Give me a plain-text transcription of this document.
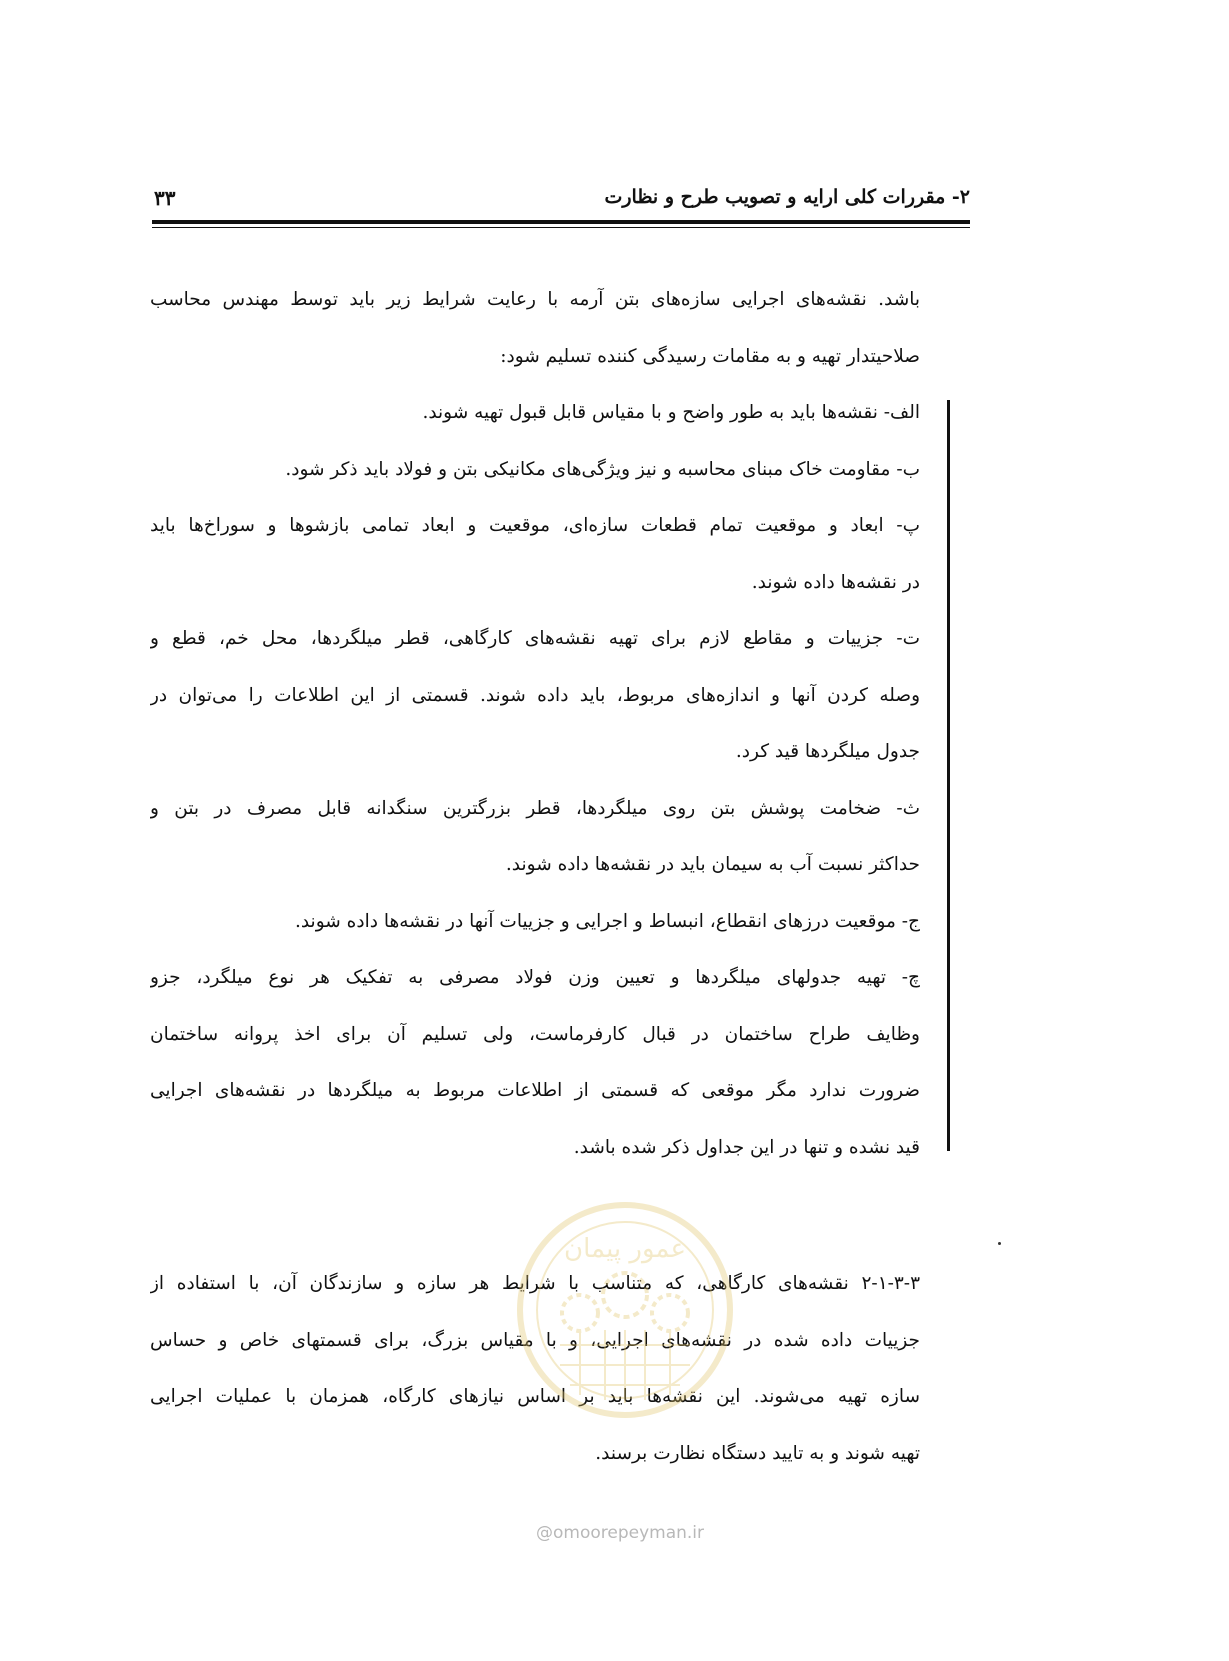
۲- مقررات کلی ارایه و تصویب طرح و نظارت
۳۳
باشد. نقشه‌های اجرایی سازه‌های بتن آرمه با رعایت شرایط زیر باید توسط مهندس محاسب
صلاحیتدار تهیه و به مقامات رسیدگی کننده تسلیم شود:
الف- نقشه‌ها باید به طور واضح و با مقیاس قابل قبول تهیه شوند.
ب- مقاومت خاک مبنای محاسبه و نیز ویژگی‌های مکانیکی بتن و فولاد باید ذکر شود.
پ- ابعاد و موقعیت تمام قطعات سازه‌ای، موقعیت و ابعاد تمامی بازشوها و سوراخ‌ها باید
در نقشه‌ها داده شوند.
ت- جزییات و مقاطع لازم برای تهیه نقشه‌های کارگاهی، قطر میلگردها، محل خم، قطع و
وصله کردن آنها و اندازه‌های مربوط، باید داده شوند. قسمتی از این اطلاعات را می‌توان در
جدول میلگردها قید کرد.
ث- ضخامت پوشش بتن روی میلگردها، قطر بزرگترین سنگدانه قابل مصرف در بتن و
حداکثر نسبت آب به سیمان باید در نقشه‌ها داده شوند.
ج- موقعیت درزهای انقطاع، انبساط و اجرایی و جزییات آنها در نقشه‌ها داده شوند.
چ- تهیه جدولهای میلگردها و تعیین وزن فولاد مصرفی به تفکیک هر نوع میلگرد، جزو
وظایف طراح ساختمان در قبال کارفرماست، ولی تسلیم آن برای اخذ پروانه ساختمان
ضرورت ندارد مگر موقعی که قسمتی از اطلاعات مربوط به میلگردها در نقشه‌های اجرایی
قید نشده و تنها در این جداول ذکر شده باشد.
۲-۱-۳-۳ نقشه‌های کارگاهی، که متناسب با شرایط هر سازه و سازندگان آن، با استفاده از
جزییات داده شده در نقشه‌های اجرایی، و با مقیاس بزرگ، برای قسمتهای خاص و حساس
سازه تهیه می‌شوند. این نقشه‌ها باید بر اساس نیازهای کارگاه، همزمان با عملیات اجرایی
تهیه شوند و به تایید دستگاه نظارت برسند.
عمور پیمان
@omoorepeyman.ir
